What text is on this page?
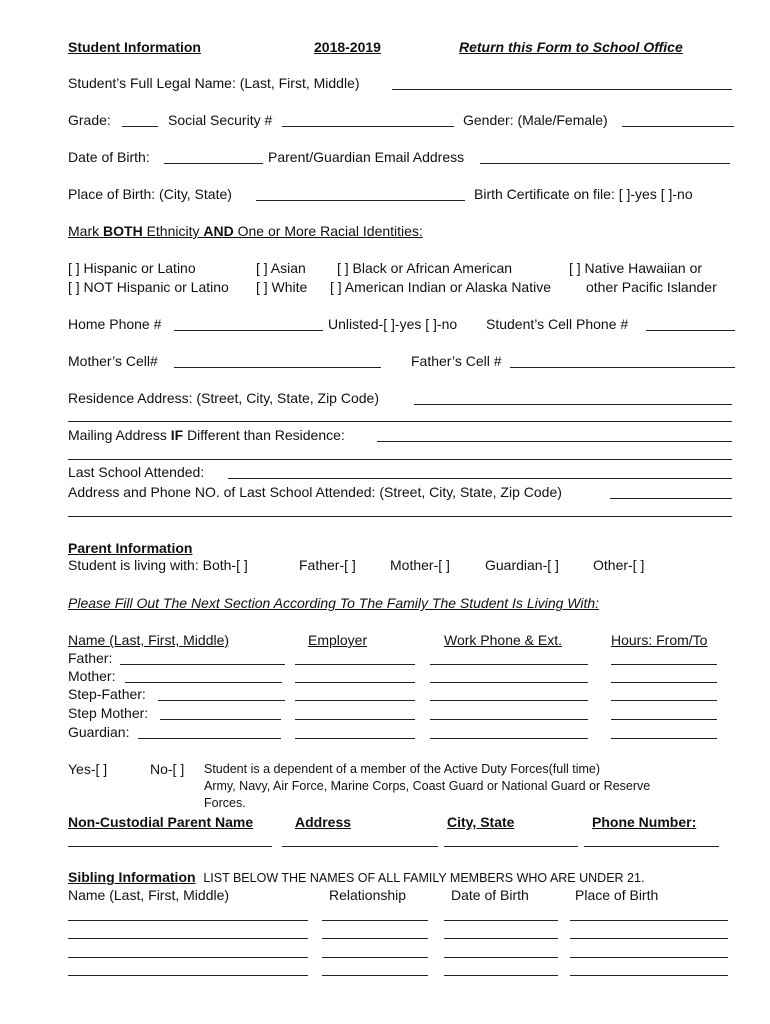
Student Information	2018-2019	Return this Form to School Office
Student’s Full Legal Name: (Last, First, Middle)
Grade:	Social Security #	Gender: (Male/Female)
Date of Birth:	Parent/Guardian Email Address
Place of Birth: (City, State)	Birth Certificate on file: [ ]-yes [ ]-no
Mark BOTH Ethnicity AND One or More Racial Identities:
[ ] Hispanic or Latino	[ ] Asian [ ] Black or African American	[ ] Native Hawaiian or
[ ] NOT Hispanic or Latino [ ] White [ ] American Indian or Alaska Native	other Pacific Islander
Home Phone #	Unlisted-[ ]-yes [ ]-no Student’s Cell Phone #
Mother’s Cell#	Father’s Cell #
Residence Address: (Street, City, State, Zip Code)
Mailing Address IF Different than Residence:
Last School Attended:
Address and Phone NO. of Last School Attended: (Street, City, State, Zip Code)
Parent Information
Student is living with: Both-[ ]	Father-[ ] Mother-[ ]	Guardian-[ ] Other-[ ]
Please Fill Out The Next Section According To The Family The Student Is Living With:
Name (Last, First, Middle)	Employer	Work Phone & Ext.	Hours: From/To
Father:
Mother:
Step-Father:
Step Mother:
Guardian:
Yes-[ ]	No-[ ] Student is a dependent of a member of the Active Duty Forces(full time)
Army, Navy, Air Force, Marine Corps, Coast Guard or National Guard or Reserve
Forces.
Non-Custodial Parent Name	Address	City, State	Phone Number:
Sibling Information LIST BELOW THE NAMES OF ALL FAMILY MEMBERS WHO ARE UNDER 21.
Name (Last, First, Middle)	Relationship	Date of Birth	Place of Birth
